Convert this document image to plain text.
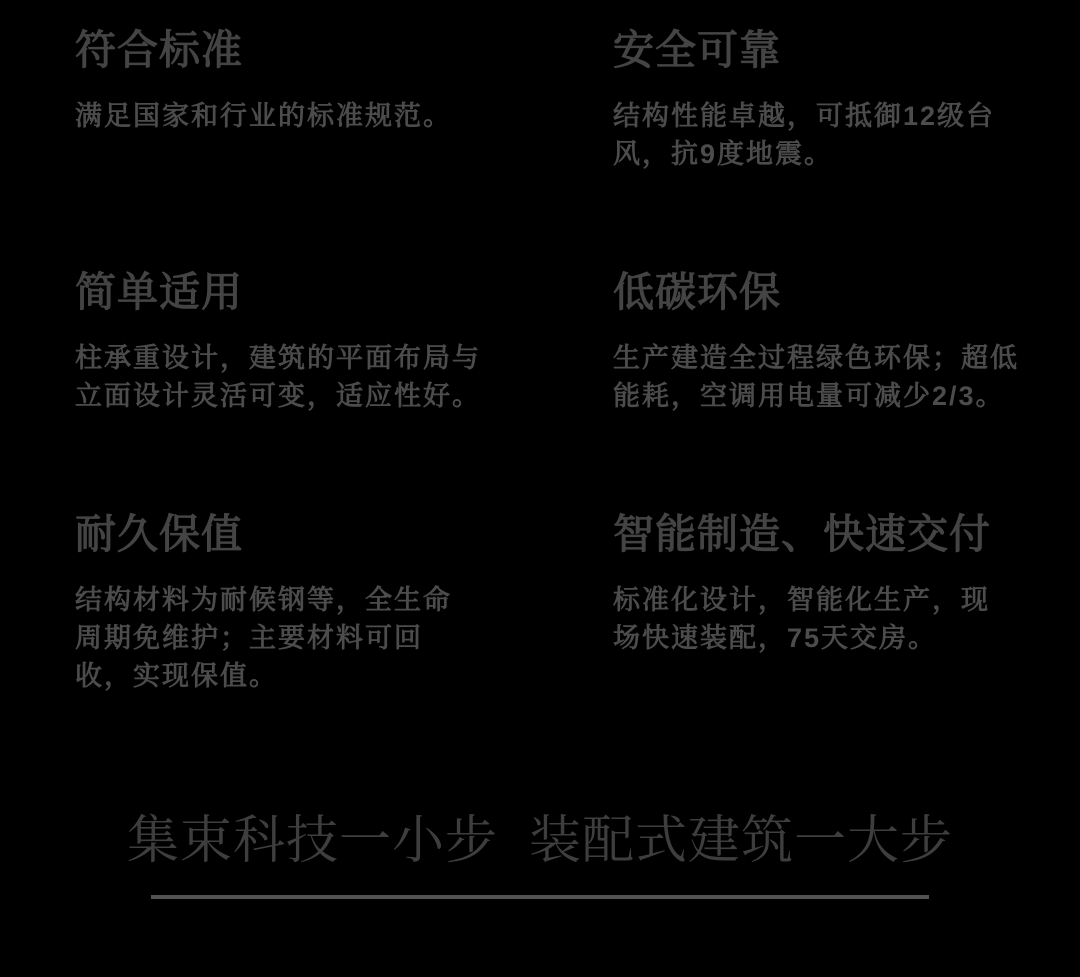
符合标准
满足国家和行业的标准规范。
安全可靠
结构性能卓越，可抵御12级台
风，抗9度地震。
简单适用
柱承重设计，建筑的平面布局与
立面设计灵活可变，适应性好。
低碳环保
生产建造全过程绿色环保；超低
能耗，空调用电量可减少2/3。
耐久保值
结构材料为耐候钢等，全生命
周期免维护；主要材料可回
收，实现保值。
智能制造、快速交付
标准化设计，智能化生产，现
场快速装配，75天交房。
集束科技一小步  装配式建筑一大步
